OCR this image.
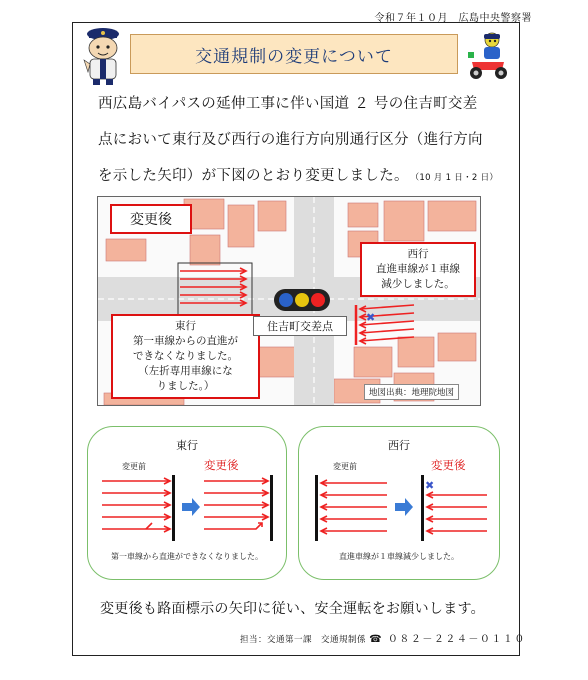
令和７年１０月　広島中央警察署
交通規制の変更について
西広島バイパスの延伸工事に伴い国道 ２ 号の住吉町交差
点において東行及び西行の進行方向別通行区分（進行方向
を示した矢印）が下図のとおり変更しました。 （10 月 1 日・2 日）
✖
変更後
西行
直進車線が１車線
減少しました。
東行
第一車線からの直進が
できなくなりました。
（左折専用車線にな
りました。）
住吉町交差点
地図出典：地理院地図
東行
変更前	変更後
第一車線から直進ができなくなりました。
西行
変更前	変更後
✖
直進車線が１車線減少しました。
変更後も路面標示の矢印に従い、安全運転をお願いします。
担当：交通第一課　交通規制係 ☎ ０８２－２２４－０１１０
